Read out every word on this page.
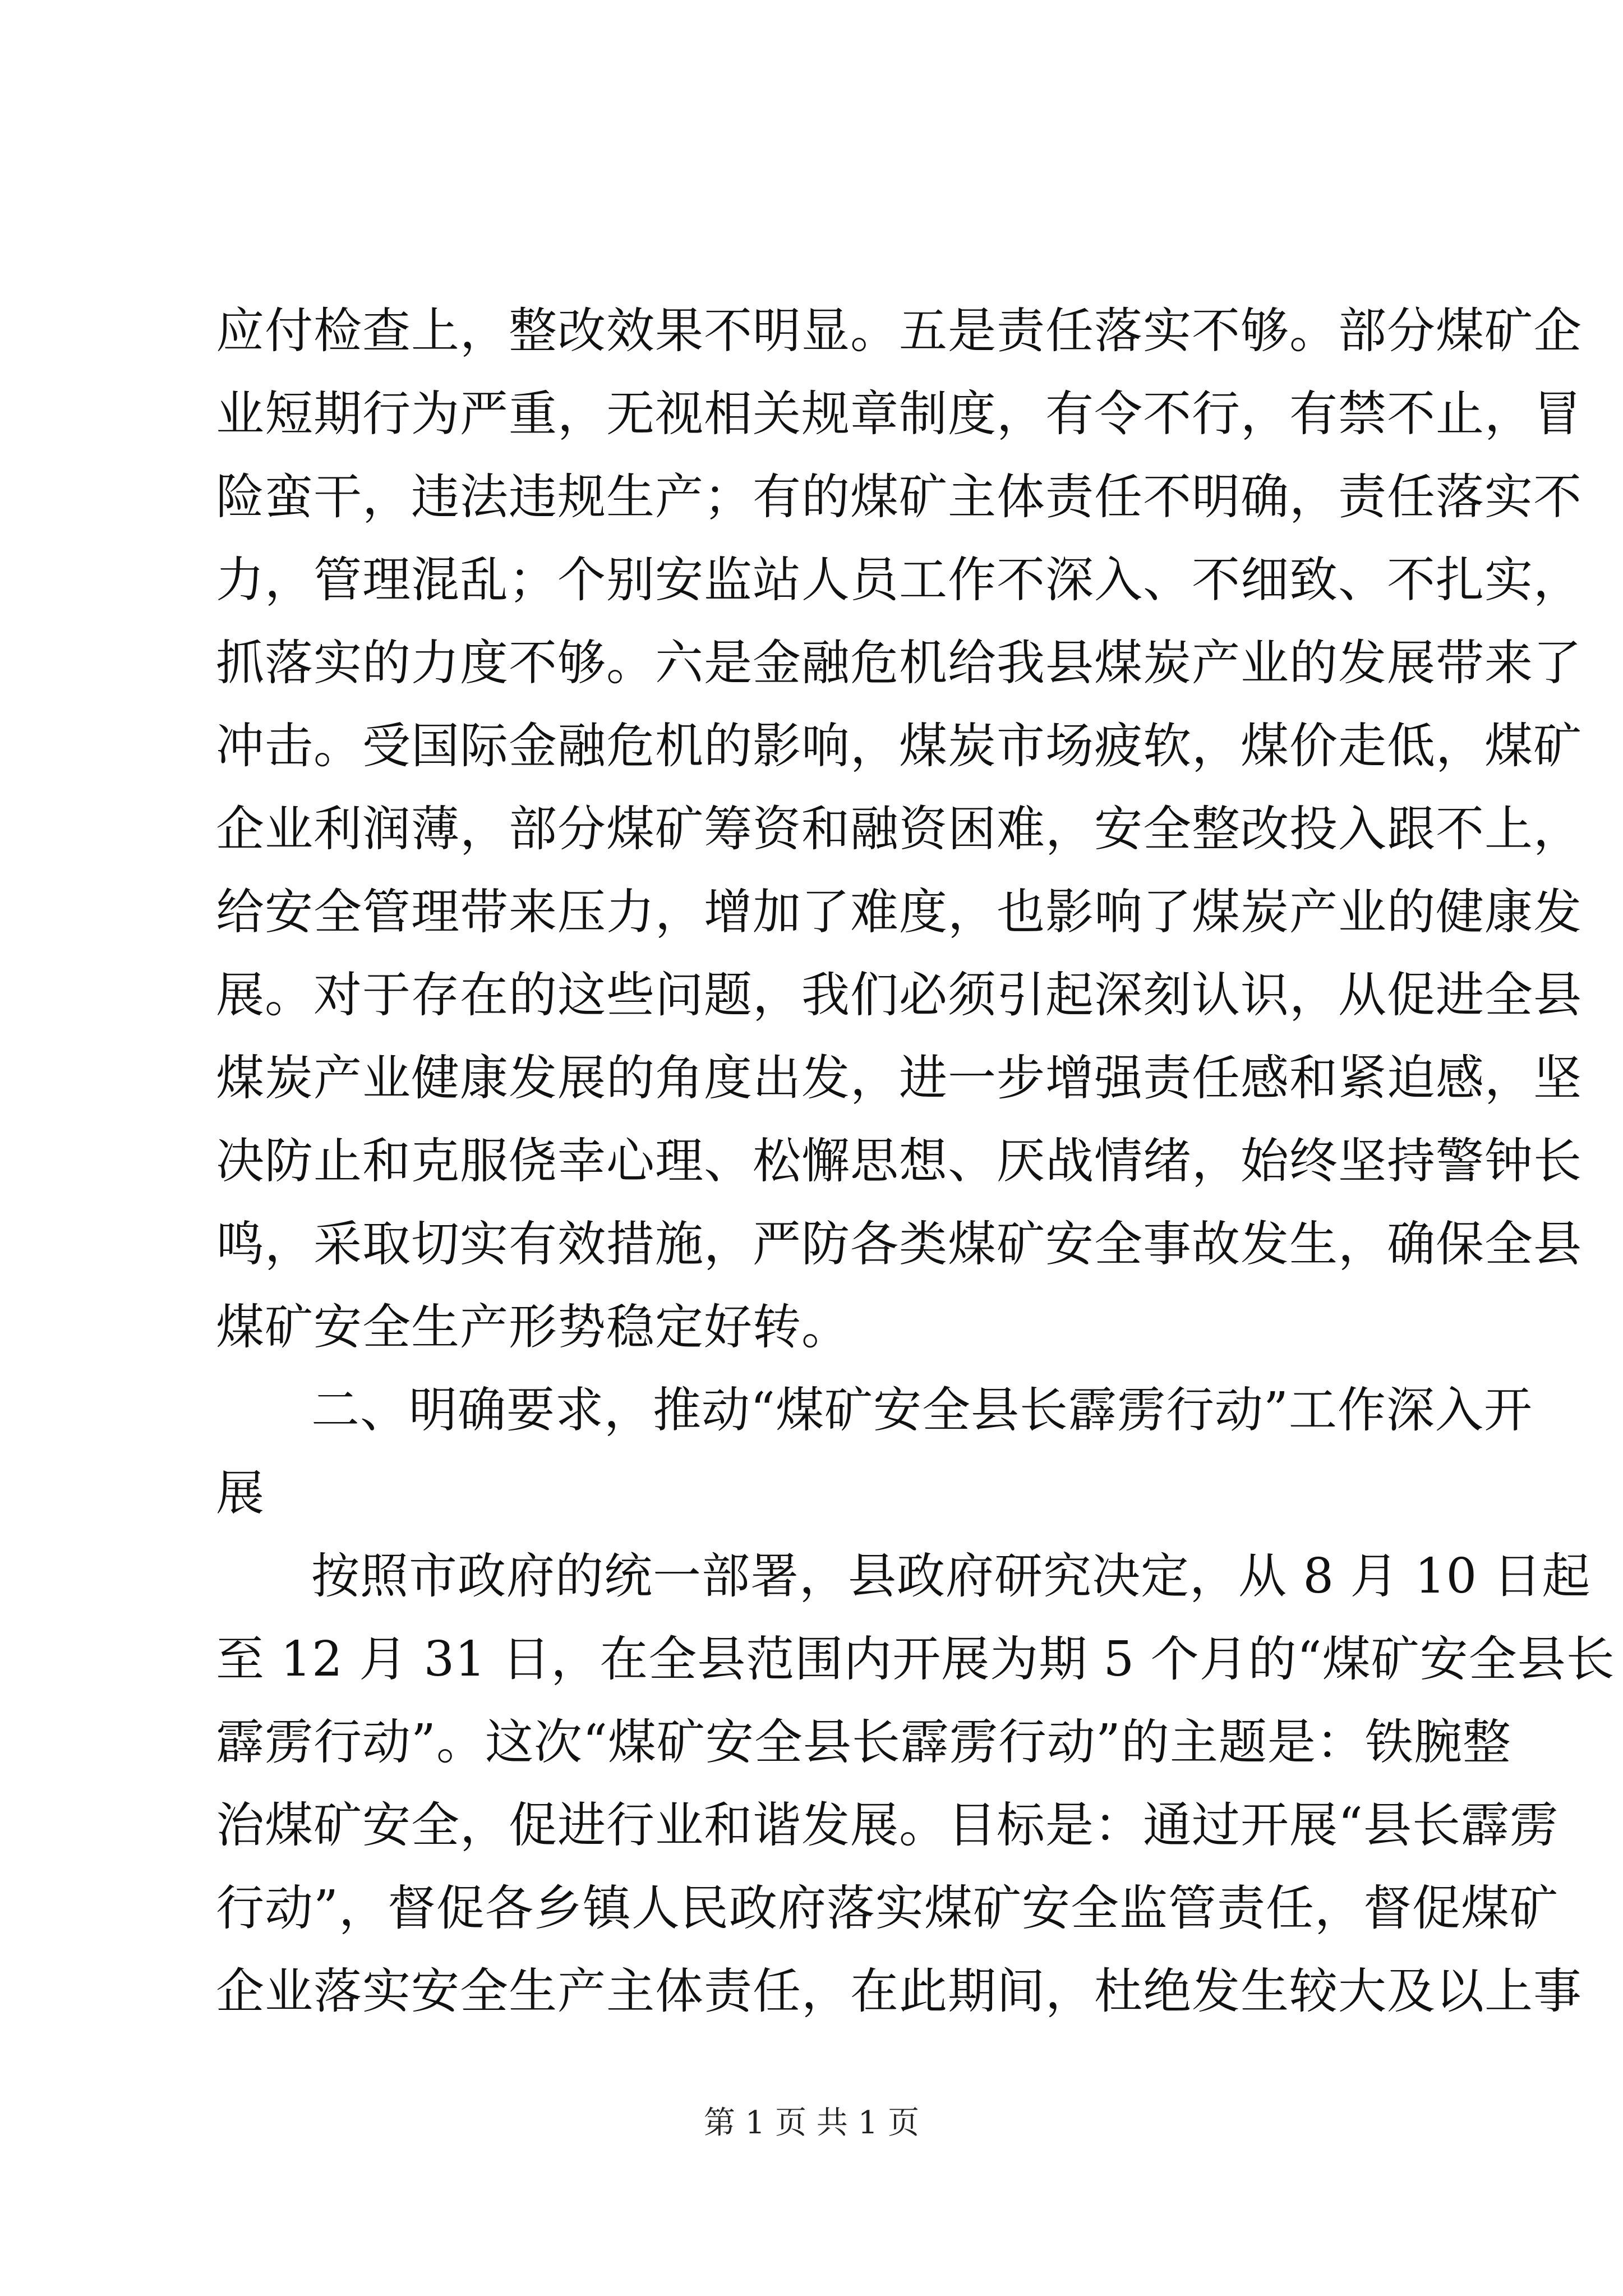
应付检查上，整改效果不明显。五是责任落实不够。部分煤矿企
业短期行为严重，无视相关规章制度，有令不行，有禁不止，冒
险蛮干，违法违规生产；有的煤矿主体责任不明确，责任落实不
力，管理混乱；个别安监站人员工作不深入、不细致、不扎实，
抓落实的力度不够。六是金融危机给我县煤炭产业的发展带来了
冲击。受国际金融危机的影响，煤炭市场疲软，煤价走低，煤矿
企业利润薄，部分煤矿筹资和融资困难，安全整改投入跟不上，
给安全管理带来压力，增加了难度，也影响了煤炭产业的健康发
展。对于存在的这些问题，我们必须引起深刻认识，从促进全县
煤炭产业健康发展的角度出发，进一步增强责任感和紧迫感，坚
决防止和克服侥幸心理、松懈思想、厌战情绪，始终坚持警钟长
鸣，采取切实有效措施，严防各类煤矿安全事故发生，确保全县
煤矿安全生产形势稳定好转。
二、明确要求，推动“煤矿安全县长霹雳行动”工作深入开
展
按照市政府的统一部署，县政府研究决定，从 8 月 10 日起
至 12 月 31 日，在全县范围内开展为期 5 个月的“煤矿安全县长
霹雳行动”。这次“煤矿安全县长霹雳行动”的主题是：铁腕整
治煤矿安全，促进行业和谐发展。目标是：通过开展“县长霹雳
行动”，督促各乡镇人民政府落实煤矿安全监管责任，督促煤矿
企业落实安全生产主体责任，在此期间，杜绝发生较大及以上事
第 1 页 共 1 页
